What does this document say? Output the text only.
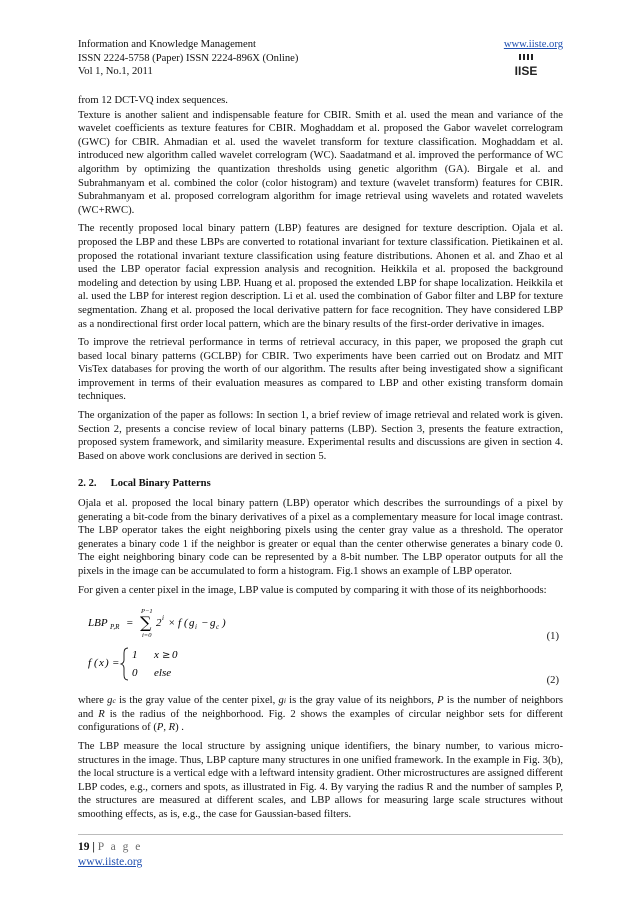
Information and Knowledge Management	www.iiste.org
ISSN 2224-5758 (Paper) ISSN 2224-896X (Online)
Vol 1, No.1, 2011	IISE

from 12 DCT-VQ index sequences.

Texture is another salient and indispensable feature for CBIR. Smith et al. used the mean and variance of the wavelet coefficients as texture features for CBIR. Moghaddam et al. proposed the Gabor wavelet correlogram (GWC) for CBIR. Ahmadian et al. used the wavelet transform for texture classification. Moghaddam et al. introduced new algorithm called wavelet correlogram (WC). Saadatmand et al. improved the performance of WC algorithm by optimizing the quantization thresholds using genetic algorithm (GA). Birgale et al. and Subrahmanyam et al. combined the color (color histogram) and texture (wavelet transform) features for CBIR. Subrahmanyam et al. proposed correlogram algorithm for image retrieval using wavelets and rotated wavelets (WC+RWC).

The recently proposed local binary pattern (LBP) features are designed for texture description. Ojala et al. proposed the LBP and these LBPs are converted to rotational invariant for texture classification. Pietikainen et al. proposed the rotational invariant texture classification using feature distributions. Ahonen et al. and Zhao et al used the LBP operator facial expression analysis and recognition. Heikkila et al. proposed the background modeling and detection by using LBP. Huang et al. proposed the extended LBP for shape localization. Heikkila et al. used the LBP for interest region description. Li et al. used the combination of Gabor filter and LBP for texture segmentation. Zhang et al. proposed the local derivative pattern for face recognition. They have considered LBP as a nondirectional first order local pattern, which are the binary results of the first-order derivative in images.

To improve the retrieval performance in terms of retrieval accuracy, in this paper, we proposed the graph cut based local binary patterns (GCLBP) for CBIR. Two experiments have been carried out on Brodatz and MIT VisTex databases for proving the worth of our algorithm. The results after being investigated show a significant improvement in terms of their evaluation measures as compared to LBP and other existing transform domain techniques.

The organization of the paper as follows: In section 1, a brief review of image retrieval and related work is given. Section 2, presents a concise review of local binary patterns (LBP). Section 3, presents the feature extraction, proposed system framework, and similarity measure. Experimental results and discussions are given in section 4. Based on above work conclusions are derived in section 5.

2. 2. Local Binary Patterns

Ojala et al. proposed the local binary pattern (LBP) operator which describes the surroundings of a pixel by generating a bit-code from the binary derivatives of a pixel as a complementary measure for local image contrast. The LBP operator takes the eight neighboring pixels using the center gray value as a threshold. The operator generates a binary code 1 if the neighbor is greater or equal than the center otherwise generates a binary code 0. The eight neighboring binary code can be represented by a 8-bit number. The LBP operator outputs for all the pixels in the image can be accumulated to form a histogram. Fig.1 shows an example of LBP operator.

For given a center pixel in the image, LBP value is computed by comparing it with those of its neighborhoods:

LBP P,R = ∑
P−1
i=0
2 i × f ( g i − g c )
(1)
f ( x ) =
1 x ≥ 0
0 else
(2)

where gc is the gray value of the center pixel, gi is the gray value of its neighbors, P is the number of neighbors and R is the radius of the neighborhood. Fig. 2 shows the examples of circular neighbor sets for different configurations of (P, R) .

The LBP measure the local structure by assigning unique identifiers, the binary number, to various micro-structures in the image. Thus, LBP capture many structures in one unified framework. In the example in Fig. 3(b), the local structure is a vertical edge with a leftward intensity gradient. Other microstructures are assigned different LBP codes, e.g., corners and spots, as illustrated in Fig. 4. By varying the radius R and the number of samples P, the structures are measured at different scales, and LBP allows for measuring large scale structures without smoothing effects, as is, e.g., the case for Gaussian-based filters.

19 | P a g e
www.iiste.org
